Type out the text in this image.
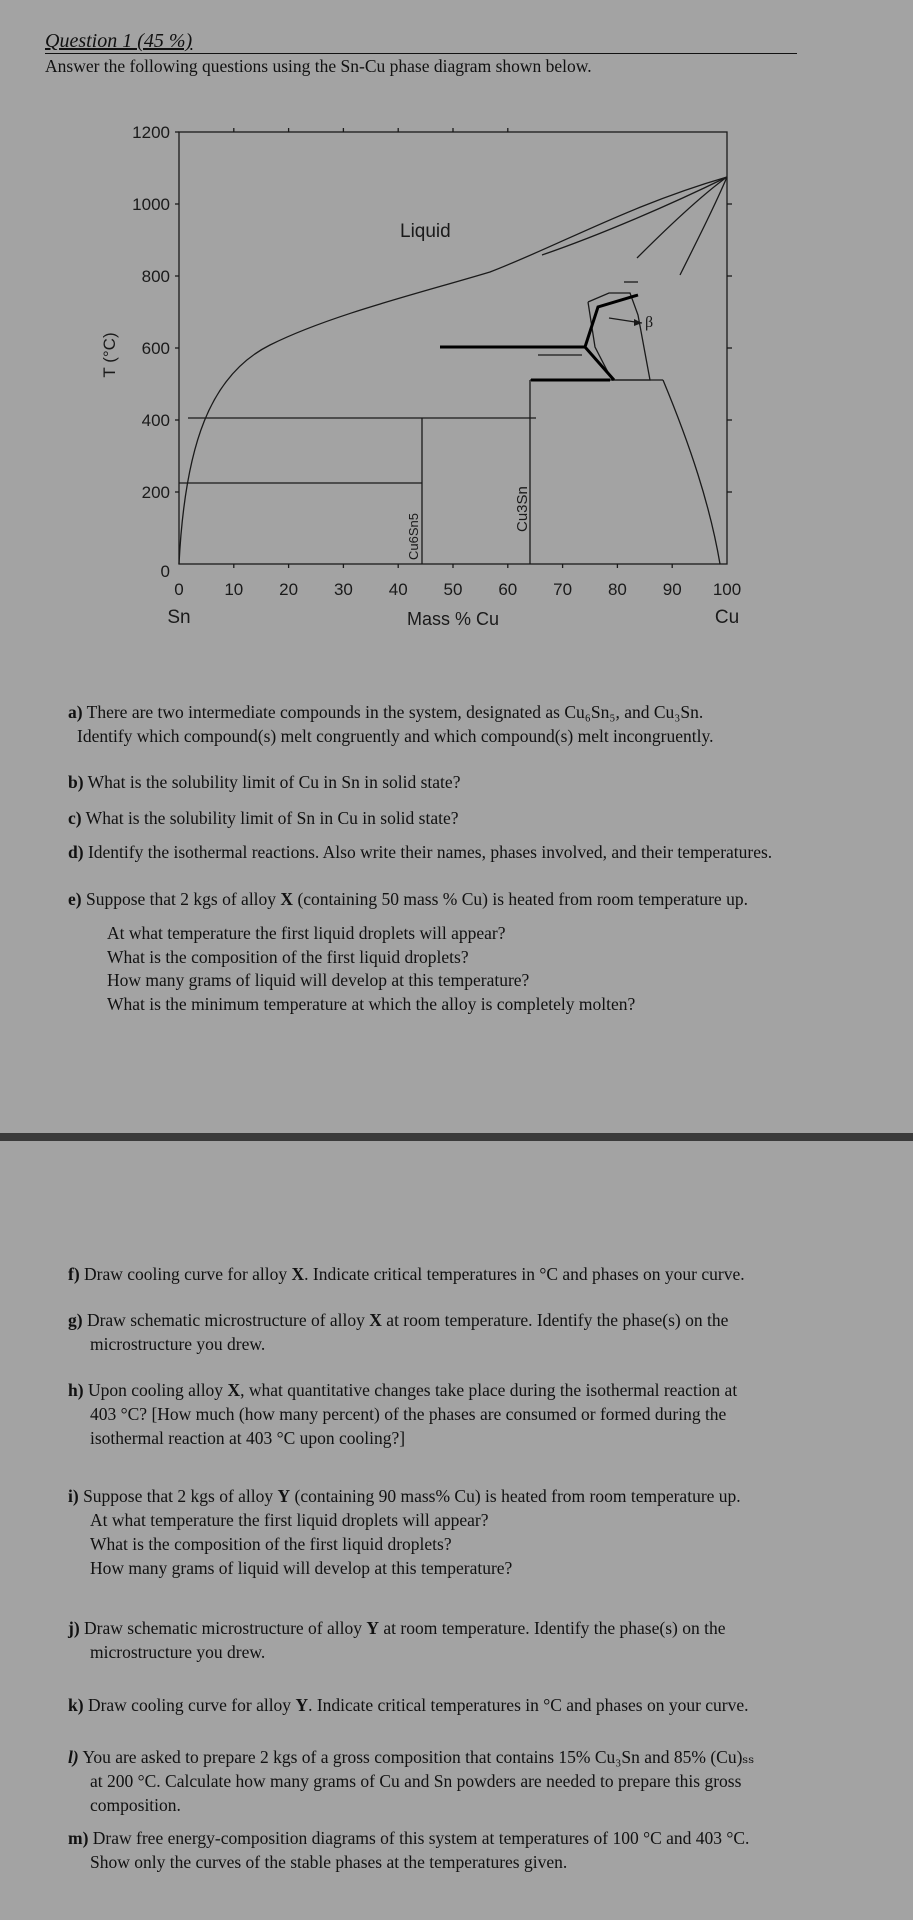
Question 1 (45 %)
Answer the following questions using the Sn-Cu phase diagram shown below.
1200
1000
800
600
400
200
0
0 10 20 30 40 50 60 70 80 90 100
Sn	Mass % Cu	Cu
Liquid
T (°C)
Cu6Sn5
Cu3Sn
β
a) There are two intermediate compounds in the system, designated as Cu₆Sn₅, and Cu₃Sn.
Identify which compound(s) melt congruently and which compound(s) melt incongruently.
b) What is the solubility limit of Cu in Sn in solid state?
c) What is the solubility limit of Sn in Cu in solid state?
d) Identify the isothermal reactions. Also write their names, phases involved, and their temperatures.
e) Suppose that 2 kgs of alloy X (containing 50 mass % Cu) is heated from room temperature up.
At what temperature the first liquid droplets will appear?
What is the composition of the first liquid droplets?
How many grams of liquid will develop at this temperature?
What is the minimum temperature at which the alloy is completely molten?
f) Draw cooling curve for alloy X. Indicate critical temperatures in °C and phases on your curve.
g) Draw schematic microstructure of alloy X at room temperature. Identify the phase(s) on the
microstructure you drew.
h) Upon cooling alloy X, what quantitative changes take place during the isothermal reaction at
403 °C? [How much (how many percent) of the phases are consumed or formed during the
isothermal reaction at 403 °C upon cooling?]
i) Suppose that 2 kgs of alloy Y (containing 90 mass% Cu) is heated from room temperature up.
At what temperature the first liquid droplets will appear?
What is the composition of the first liquid droplets?
How many grams of liquid will develop at this temperature?
j) Draw schematic microstructure of alloy Y at room temperature. Identify the phase(s) on the
microstructure you drew.
k) Draw cooling curve for alloy Y. Indicate critical temperatures in °C and phases on your curve.
l) You are asked to prepare 2 kgs of a gross composition that contains 15% Cu₃Sn and 85% (Cu)ₛₛ
at 200 °C. Calculate how many grams of Cu and Sn powders are needed to prepare this gross
composition.
m) Draw free energy-composition diagrams of this system at temperatures of 100 °C and 403 °C.
Show only the curves of the stable phases at the temperatures given.
